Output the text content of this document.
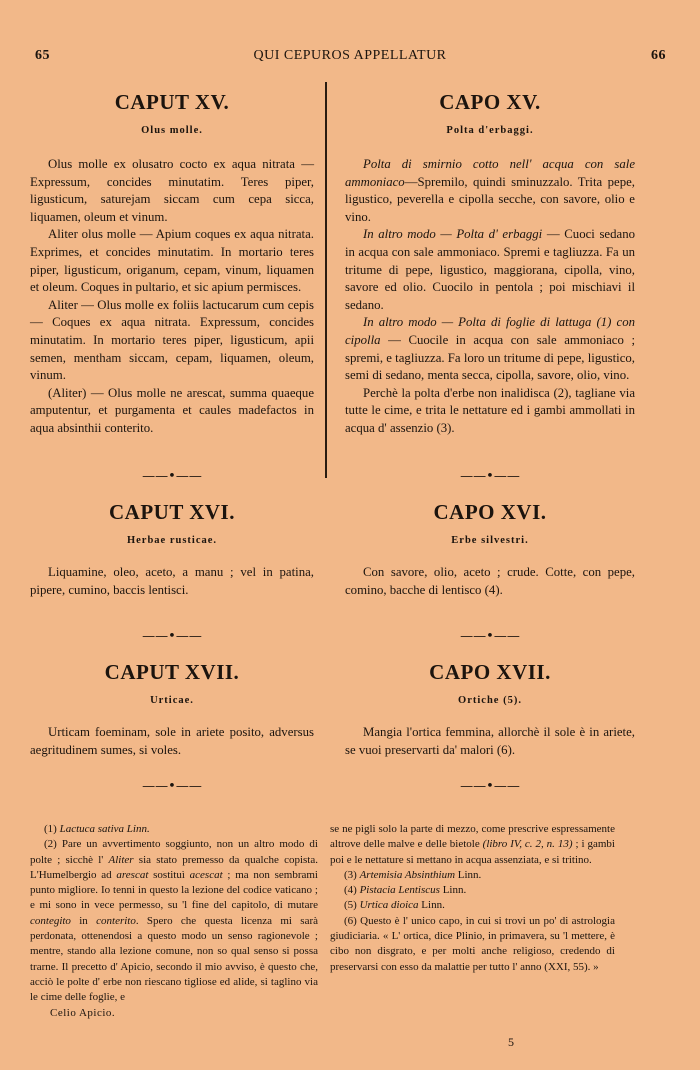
65	QUI CEPUROS APPELLATUR	66
CAPUT XV.

Olus molle.

Olus molle ex olusatro cocto ex aqua nitrata — Expressum, concides minutatim. Teres piper, ligusticum, saturejam siccam cum cepa sicca, liquamen, oleum et vinum.

Aliter olus molle — Apium coques ex aqua nitrata. Exprimes, et concides minutatim. In mortario teres piper, ligusticum, origanum, cepam, vinum, liquamen et oleum. Coques in pultario, et sic apium permisces.

Aliter — Olus molle ex foliis lactucarum cum cepis — Coques ex aqua nitrata. Expressum, concides minutatim. In mortario teres piper, ligusticum, apii semen, mentham siccam, cepam, liquamen, oleum, vinum.

(Aliter) — Olus molle ne arescat, summa quaeque amputentur, et purgamenta et caules madefactos in aqua absinthii conterito.

——•——

CAPUT XVI.

Herbae rusticae.

Liquamine, oleo, aceto, a manu ; vel in patina, pipere, cumino, baccis lentisci.

——•——

CAPUT XVII.

Urticae.

Urticam foeminam, sole in ariete posito, adversus aegritudinem sumes, si voles.

——•——

CAPO XV.

Polta d'erbaggi.

Polta di smirnio cotto nell' acqua con sale ammoniaco—Spremilo, quindi sminuzzalo. Trita pepe, ligustico, peverella e cipolla secche, con savore, olio e vino.

In altro modo — Polta d' erbaggi — Cuoci sedano in acqua con sale ammoniaco. Spremi e tagliuzza. Fa un tritume di pepe, ligustico, maggiorana, cipolla, vino, savore ed olio. Cuocilo in pentola ; poi mischiavi il sedano.

In altro modo — Polta di foglie di lattuga (1) con cipolla — Cuocile in acqua con sale ammoniaco ; spremi, e tagliuzza. Fa loro un tritume di pepe, ligustico, semi di sedano, menta secca, cipolla, savore, olio, vino.

Perchè la polta d'erbe non inalidisca (2), tagliane via tutte le cime, e trita le nettature ed i gambi ammollati in acqua d' assenzio (3).

——•——

CAPO XVI.

Erbe silvestri.

Con savore, olio, aceto ; crude. Cotte, con pepe, comino, bacche di lentisco (4).

——•——

CAPO XVII.

Ortiche (5).

Mangia l'ortica femmina, allorchè il sole è in ariete, se vuoi preservarti da' malori (6).

——•——

(1) Lactuca sativa Linn.

(2) Pare un avvertimento soggiunto, non un altro modo di polte ; sicchè l' Aliter sia stato premesso da qualche copista. L'Humelbergio ad arescat sostituì acescat ; ma non sembrami punto migliore. Io tenni in questo la lezione del codice vaticano ; e mi sono in vece permesso, su 'l fine del capitolo, di mutare contegito in conterito. Spero che questa licenza mi sarà perdonata, ottenendosi a questo modo un senso ragionevole ; mentre, stando alla lezione comune, non so qual senso si possa trarne. Il precetto d' Apicio, secondo il mio avviso, è questo che, acciò le polte d' erbe non riescano tigliose ed alide, si taglino via le cime delle foglie, e

Celio Apicio.

se ne pigli solo la parte di mezzo, come prescrive espressamente altrove delle malve e delle bietole (libro IV, c. 2, n. 13) ; i gambi poi e le nettature si mettano in acqua assenziata, e si tritino.

(3) Artemisia Absinthium Linn.

(4) Pistacia Lentiscus Linn.

(5) Urtica dioica Linn.

(6) Questo è l' unico capo, in cui si trovi un po' di astrologia giudiciaria. « L' ortica, dice Plinio, in primavera, su 'l mettere, è cibo non disgrato, e per molti anche religioso, credendo di preservarsi con esso da malattie per tutto l' anno (XXI, 55). »

5
